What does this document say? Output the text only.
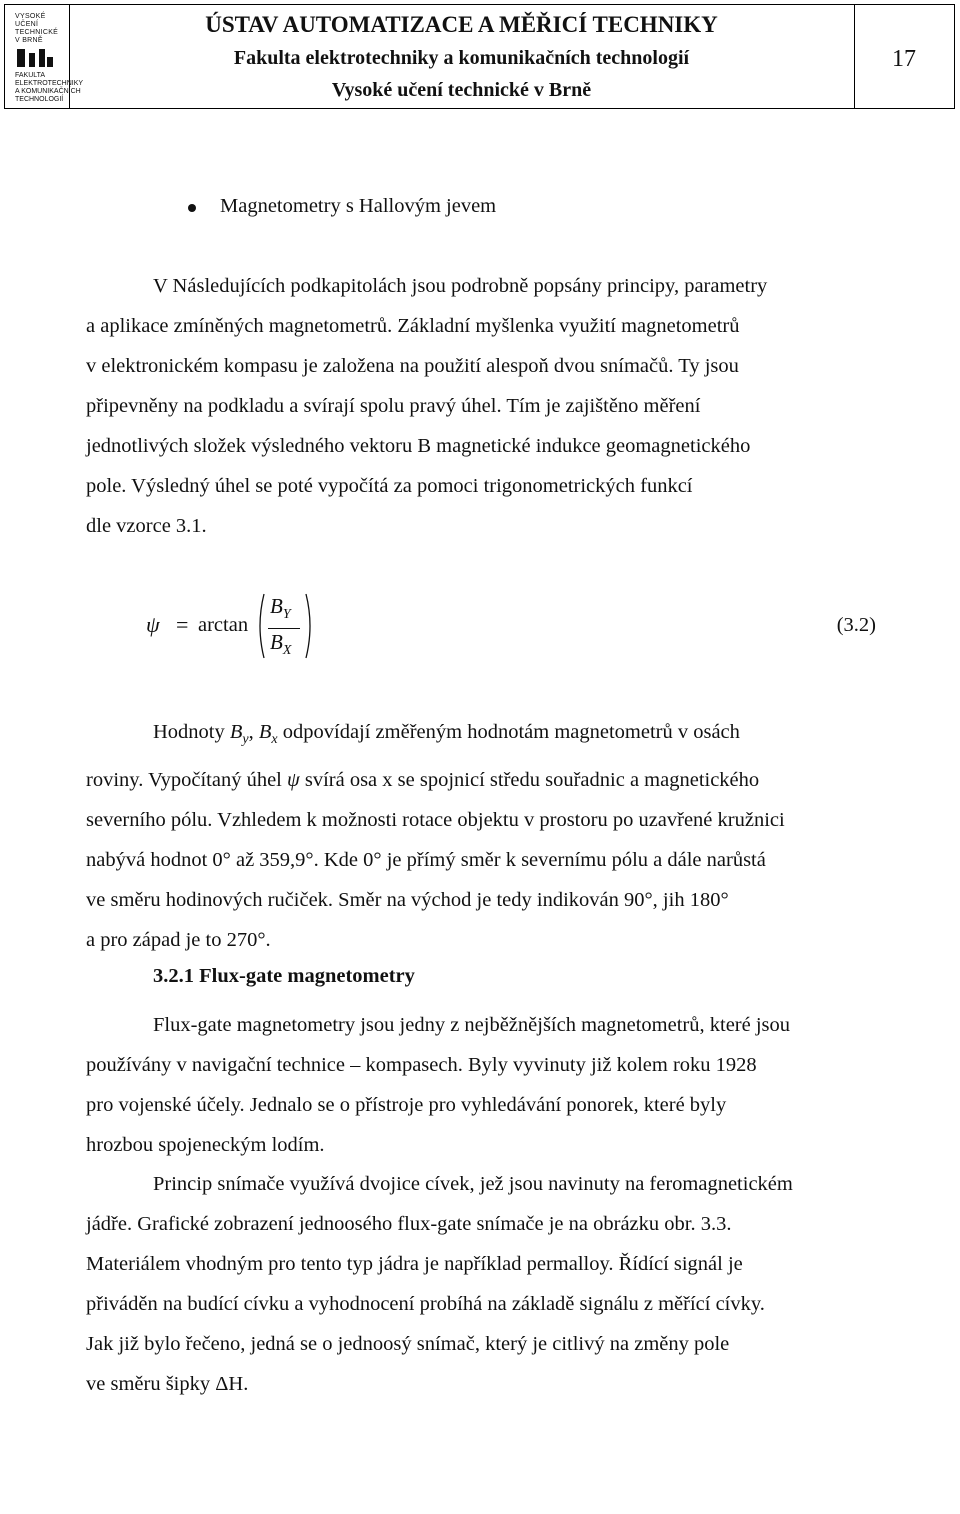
VYSOKÉ
UČENÍ
TECHNICKÉ
V BRNĚ
FAKULTA
ELEKTROTECHNIKY
A KOMUNIKAČNÍCH
TECHNOLOGIÍ
ÚSTAV AUTOMATIZACE A MĚŘICÍ TECHNIKY
Fakulta elektrotechniky a komunikačních technologií
Vysoké učení technické v Brně
17
Magnetometry s Hallovým jevem
V Následujících podkapitolách jsou podrobně popsány principy, parametry
a aplikace zmíněných magnetometrů. Základní myšlenka využití magnetometrů
v elektronickém kompasu je založena na použití alespoň dvou snímačů. Ty jsou
připevněny na podkladu a svírají spolu pravý úhel. Tím je zajištěno měření
jednotlivých složek výsledného vektoru B magnetické indukce geomagnetického
pole. Výsledný úhel se poté vypočítá za pomoci trigonometrických funkcí
dle vzorce 3.1.
ψ = arctan
$B_Y$
$B_X$
(3.2)
Hodnoty $B_y$, $B_x$ odpovídají změřeným hodnotám magnetometrů v osách
roviny. Vypočítaný úhel ψ svírá osa x se spojnicí středu souřadnic a magnetického
severního pólu. Vzhledem k možnosti rotace objektu v prostoru po uzavřené kružnici
nabývá hodnot 0° až 359,9°. Kde 0° je přímý směr k severnímu pólu a dále narůstá
ve směru hodinových ručiček. Směr na východ je tedy indikován 90°, jih 180°
a pro západ je to 270°.
3.2.1 Flux-gate magnetometry
Flux-gate magnetometry jsou jedny z nejběžnějších magnetometrů, které jsou
používány v navigační technice – kompasech. Byly vyvinuty již kolem roku 1928
pro vojenské účely. Jednalo se o přístroje pro vyhledávání ponorek, které byly
hrozbou spojeneckým lodím.
Princip snímače využívá dvojice cívek, jež jsou navinuty na feromagnetickém
jádře. Grafické zobrazení jednoosého flux-gate snímače je na obrázku obr. 3.3.
Materiálem vhodným pro tento typ jádra je například permalloy. Řídící signál je
přiváděn na budící cívku a vyhodnocení probíhá na základě signálu z měřící cívky.
Jak již bylo řečeno, jedná se o jednoosý snímač, který je citlivý na změny pole
ve směru šipky ΔH.
